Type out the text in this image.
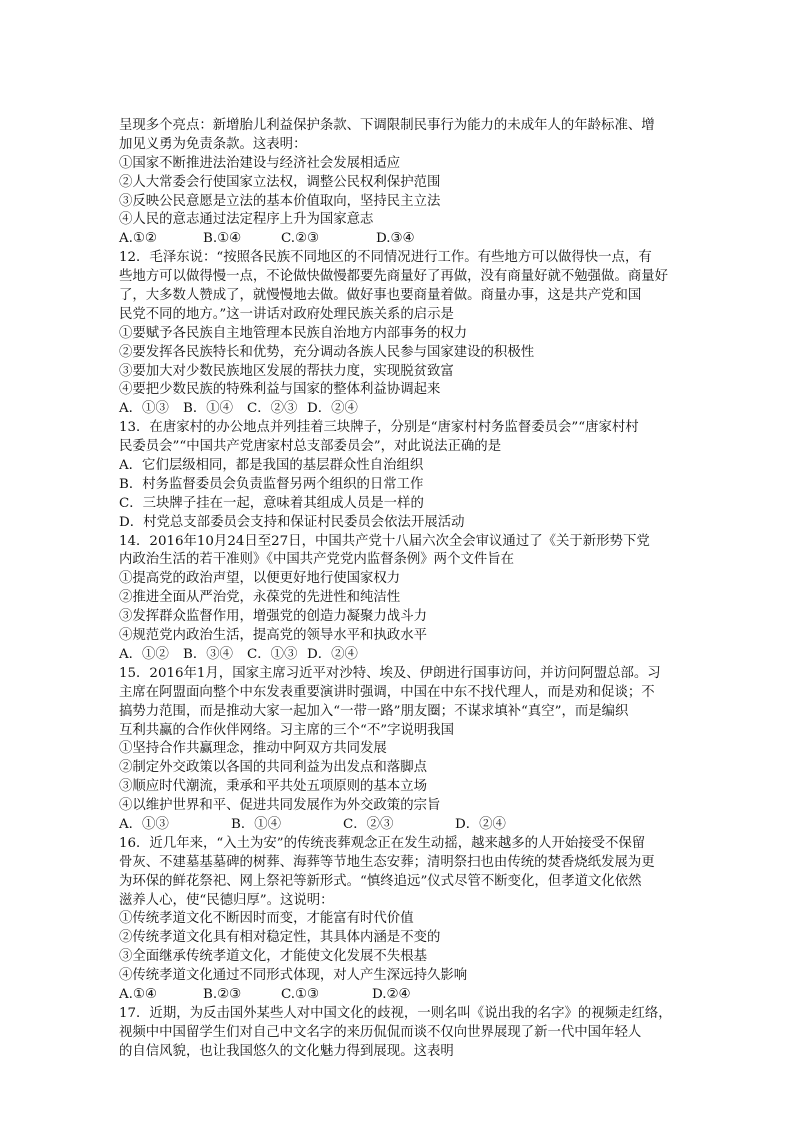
呈现多个亮点：新增胎儿利益保护条款、下调限制民事行为能力的未成年人的年龄标准、增
加见义勇为免责条款。这表明：
①国家不断推进法治建设与经济社会发展相适应
②人大常委会行使国家立法权，调整公民权利保护范围
③反映公民意愿是立法的基本价值取向，坚持民主立法
④人民的意志通过法定程序上升为国家意志
A.①②	B.①④	C.②③	D.③④
12．毛泽东说：“按照各民族不同地区的不同情况进行工作。有些地方可以做得快一点，有
些地方可以做得慢一点，不论做快做慢都要先商量好了再做，没有商量好就不勉强做。商量好
了，大多数人赞成了，就慢慢地去做。做好事也要商量着做。商量办事，这是共产党和国
民党不同的地方。”这一讲话对政府处理民族关系的启示是
①要赋予各民族自主地管理本民族自治地方内部事务的权力
②要发挥各民族特长和优势，充分调动各族人民参与国家建设的积极性
③要加大对少数民族地区发展的帮扶力度，实现脱贫致富
④要把少数民族的特殊利益与国家的整体利益协调起来
A．①③	B．①④	C．②③ D．②④
13．在唐家村的办公地点并列挂着三块牌子，分别是“唐家村村务监督委员会”“唐家村村
民委员会”“中国共产党唐家村总支部委员会”，对此说法正确的是
A．它们层级相同，都是我国的基层群众性自治组织
B．村务监督委员会负责监督另两个组织的日常工作
C．三块牌子挂在一起，意味着其组成人员是一样的
D．村党总支部委员会支持和保证村民委员会依法开展活动
14．2016年10月24日至27日，中国共产党十八届六次全会审议通过了《关于新形势下党
内政治生活的若干准则》《中国共产党党内监督条例》两个文件旨在
①提高党的政治声望，以便更好地行使国家权力
②推进全面从严治党，永葆党的先进性和纯洁性
③发挥群众监督作用，增强党的创造力凝聚力战斗力
④规范党内政治生活，提高党的领导水平和执政水平
A．①②	B．③④	C．①③ D．②④
15．2016年1月，国家主席习近平对沙特、埃及、伊朗进行国事访问，并访问阿盟总部。习
主席在阿盟面向整个中东发表重要演讲时强调，中国在中东不找代理人，而是劝和促谈；不
搞势力范围，而是推动大家一起加入“一带一路”朋友圈；不谋求填补“真空”，而是编织
互利共赢的合作伙伴网络。习主席的三个“不”字说明我国
①坚持合作共赢理念，推动中阿双方共同发展
②制定外交政策以各国的共同利益为出发点和落脚点
③顺应时代潮流，秉承和平共处五项原则的基本立场
④以维护世界和平、促进共同发展作为外交政策的宗旨
A．①③	B．①④	C．②③	D．②④
16．近几年来，“入土为安”的传统丧葬观念正在发生动摇，越来越多的人开始接受不保留
骨灰、不建墓基墓碑的树葬、海葬等节地生态安葬；清明祭扫也由传统的焚香烧纸发展为更
为环保的鲜花祭祀、网上祭祀等新形式。“慎终追远”仪式尽管不断变化，但孝道文化依然
滋养人心，使“民德归厚”。这说明：
①传统孝道文化不断因时而变，才能富有时代价值
②传统孝道文化具有相对稳定性，其具体内涵是不变的
③全面继承传统孝道文化，才能使文化发展不失根基
④传统孝道文化通过不同形式体现，对人产生深远持久影响
A.①④	B.②③	C.①③	D.②④
17．近期，为反击国外某些人对中国文化的歧视，一则名叫《说出我的名字》的视频走红络，
视频中中国留学生们对自己中文名字的来历侃侃而谈不仅向世界展现了新一代中国年轻人
的自信风貌，也让我国悠久的文化魅力得到展现。这表明
